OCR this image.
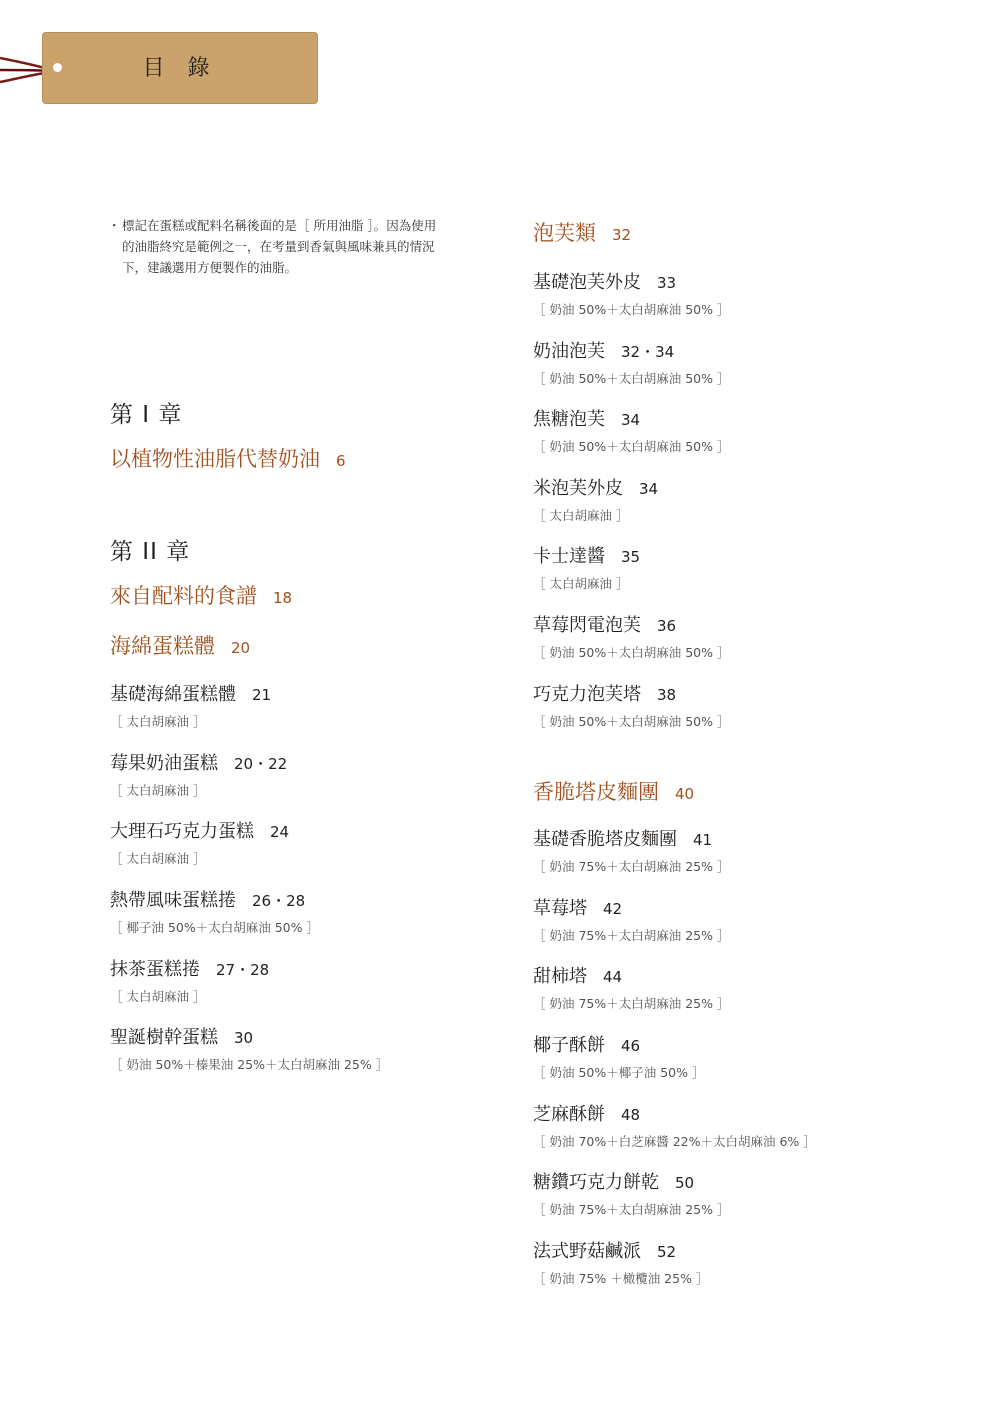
目 錄
・ 標記在蛋糕或配料名稱後面的是［ 所用油脂 ］。因為使用的油脂終究是範例之一，在考量到香氣與風味兼具的情況下，建議選用方便製作的油脂。
第 I 章
以植物性油脂代替奶油 6
第 II 章
來自配料的食譜 18
海綿蛋糕體 20
基礎海綿蛋糕體 21
［ 太白胡麻油 ］
莓果奶油蛋糕 20・22
［ 太白胡麻油 ］
大理石巧克力蛋糕 24
［ 太白胡麻油 ］
熱帶風味蛋糕捲 26・28
［ 椰子油 50%＋太白胡麻油 50% ］
抹茶蛋糕捲 27・28
［ 太白胡麻油 ］
聖誕樹幹蛋糕 30
［ 奶油 50%＋榛果油 25%＋太白胡麻油 25% ］
泡芙類 32
基礎泡芙外皮 33
［ 奶油 50%＋太白胡麻油 50% ］
奶油泡芙 32・34
［ 奶油 50%＋太白胡麻油 50% ］
焦糖泡芙 34
［ 奶油 50%＋太白胡麻油 50% ］
米泡芙外皮 34
［ 太白胡麻油 ］
卡士達醬 35
［ 太白胡麻油 ］
草莓閃電泡芙 36
［ 奶油 50%＋太白胡麻油 50% ］
巧克力泡芙塔 38
［ 奶油 50%＋太白胡麻油 50% ］
香脆塔皮麵團 40
基礎香脆塔皮麵團 41
［ 奶油 75%＋太白胡麻油 25% ］
草莓塔 42
［ 奶油 75%＋太白胡麻油 25% ］
甜柿塔 44
［ 奶油 75%＋太白胡麻油 25% ］
椰子酥餅 46
［ 奶油 50%＋椰子油 50% ］
芝麻酥餅 48
［ 奶油 70%＋白芝麻醬 22%＋太白胡麻油 6% ］
糖鑽巧克力餅乾 50
［ 奶油 75%＋太白胡麻油 25% ］
法式野菇鹹派 52
［ 奶油 75% ＋橄欖油 25% ］
